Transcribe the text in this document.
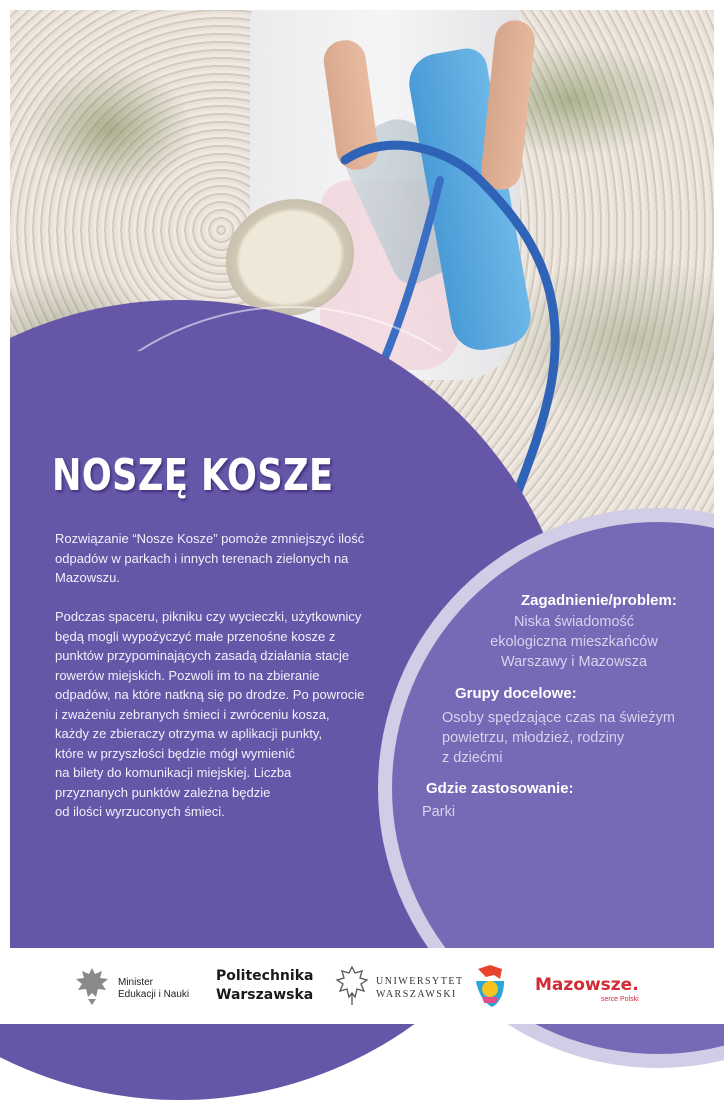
NOSZĘ KOSZE

Rozwiązanie “Nosze Kosze” pomoże zmniejszyć ilość
odpadów w parkach i innych terenach zielonych na
Mazowszu.

Podczas spaceru, pikniku czy wycieczki, użytkownicy
będą mogli wypożyczyć małe przenośne kosze z
punktów przypominających zasadą działania stacje
rowerów miejskich. Pozwoli im to na zbieranie
odpadów, na które natkną się po drodze. Po powrocie
i zważeniu zebranych śmieci i zwróceniu kosza,
każdy ze zbieraczy otrzyma w aplikacji punkty,
które w przyszłości będzie mógł wymienić
na bilety do komunikacji miejskiej. Liczba
przyznanych punktów zależna będzie
od ilości wyrzuconych śmieci.

Zagadnienie/problem:
Niska świadomość
ekologiczna mieszkańców
Warszawy i Mazowsza
Grupy docelowe:
Osoby spędzające czas na świeżym
powietrzu, młodzież, rodziny
z dziećmi
Gdzie zastosowanie:
Parki
Minister
Edukacji i Nauki
Politechnika
Warszawska
UNIWERSYTET
WARSZAWSKI	Mazowsze.
serce Polski
